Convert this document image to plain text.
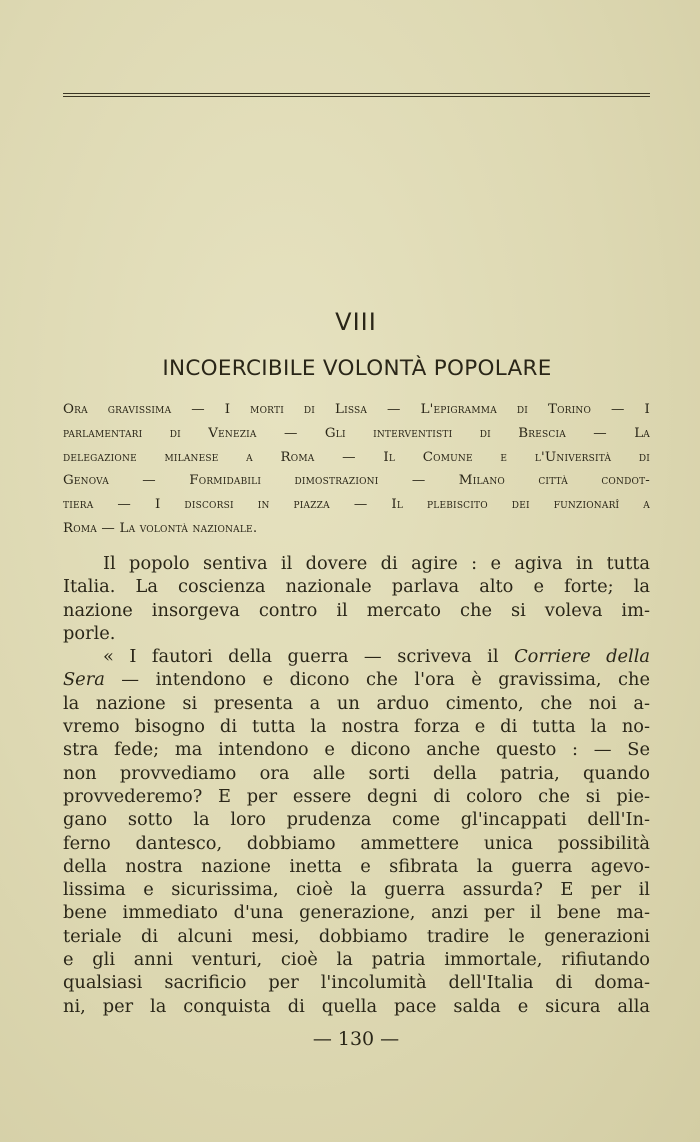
VIII
INCOERCIBILE VOLONTÀ POPOLARE
Ora gravissima — I morti di Lissa — L'epigramma di Torino — I
parlamentari di Venezia — Gli interventisti di Brescia — La
delegazione milanese a Roma — Il Comune e l'Università di
Genova — Formidabili dimostrazioni — Milano città condot-
tiera — I discorsi in piazza — Il plebiscito dei funzionarî a
Roma — La volontà nazionale.
Il popolo sentiva il dovere di agire : e agiva in tutta
Italia. La coscienza nazionale parlava alto e forte; la
nazione insorgeva contro il mercato che si voleva im-
porle.
« I fautori della guerra — scriveva il Corriere della
Sera — intendono e dicono che l'ora è gravissima, che
la nazione si presenta a un arduo cimento, che noi a-
vremo bisogno di tutta la nostra forza e di tutta la no-
stra fede; ma intendono e dicono anche questo : — Se
non provvediamo ora alle sorti della patria, quando
provvederemo? E per essere degni di coloro che si pie-
gano sotto la loro prudenza come gl'incappati dell'In-
ferno dantesco, dobbiamo ammettere unica possibilità
della nostra nazione inetta e sfibrata la guerra agevo-
lissima e sicurissima, cioè la guerra assurda? E per il
bene immediato d'una generazione, anzi per il bene ma-
teriale di alcuni mesi, dobbiamo tradire le generazioni
e gli anni venturi, cioè la patria immortale, rifiutando
qualsiasi sacrificio per l'incolumità dell'Italia di doma-
ni, per la conquista di quella pace salda e sicura alla
— 130 —
